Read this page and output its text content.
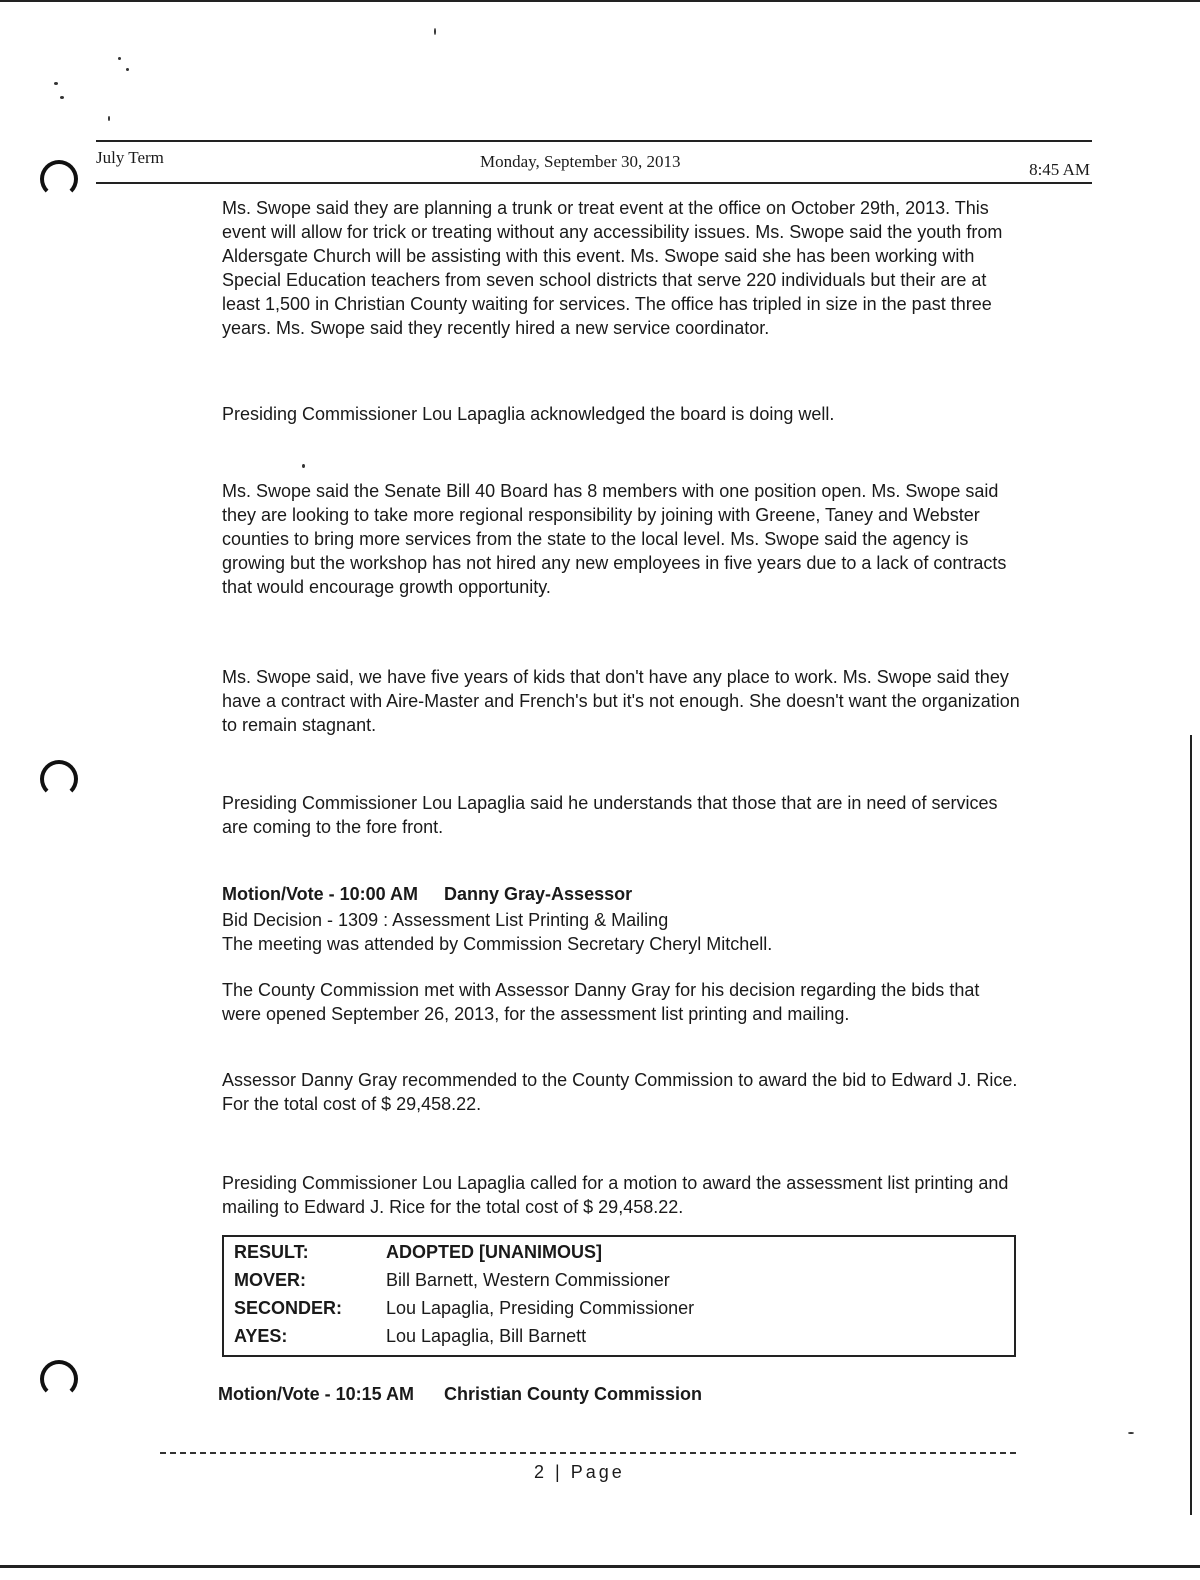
July Term	Monday, September 30, 2013	8:45 AM

Ms. Swope said they are planning a trunk or treat event at the office on October 29th, 2013. This event will allow for trick or treating without any accessibility issues. Ms. Swope said the youth from Aldersgate Church will be assisting with this event. Ms. Swope said she has been working with Special Education teachers from seven school districts that serve 220 individuals but their are at least 1,500 in Christian County waiting for services. The office has tripled in size in the past three years. Ms. Swope said they recently hired a new service coordinator.

Presiding Commissioner Lou Lapaglia acknowledged the board is doing well.

Ms. Swope said the Senate Bill 40 Board has 8 members with one position open. Ms. Swope said they are looking to take more regional responsibility by joining with Greene, Taney and Webster counties to bring more services from the state to the local level. Ms. Swope said the agency is growing but the workshop has not hired any new employees in five years due to a lack of contracts that would encourage growth opportunity.

Ms. Swope said, we have five years of kids that don't have any place to work. Ms. Swope said they have a contract with Aire-Master and French's but it's not enough. She doesn't want the organization to remain stagnant.

Presiding Commissioner Lou Lapaglia said he understands that those that are in need of services are coming to the fore front.

Motion/Vote - 10:00 AM Danny Gray-Assessor
Bid Decision - 1309 : Assessment List Printing & Mailing
The meeting was attended by Commission Secretary Cheryl Mitchell.

The County Commission met with Assessor Danny Gray for his decision regarding the bids that were opened September 26, 2013, for the assessment list printing and mailing.

Assessor Danny Gray recommended to the County Commission to award the bid to Edward J. Rice. For the total cost of $ 29,458.22.

Presiding Commissioner Lou Lapaglia called for a motion to award the assessment list printing and mailing to Edward J. Rice for the total cost of $ 29,458.22.

RESULT:	ADOPTED [UNANIMOUS]
MOVER:	Bill Barnett, Western Commissioner
SECONDER:	Lou Lapaglia, Presiding Commissioner
AYES:	Lou Lapaglia, Bill Barnett
Motion/Vote - 10:15 AM Christian County Commission
2 | Page
